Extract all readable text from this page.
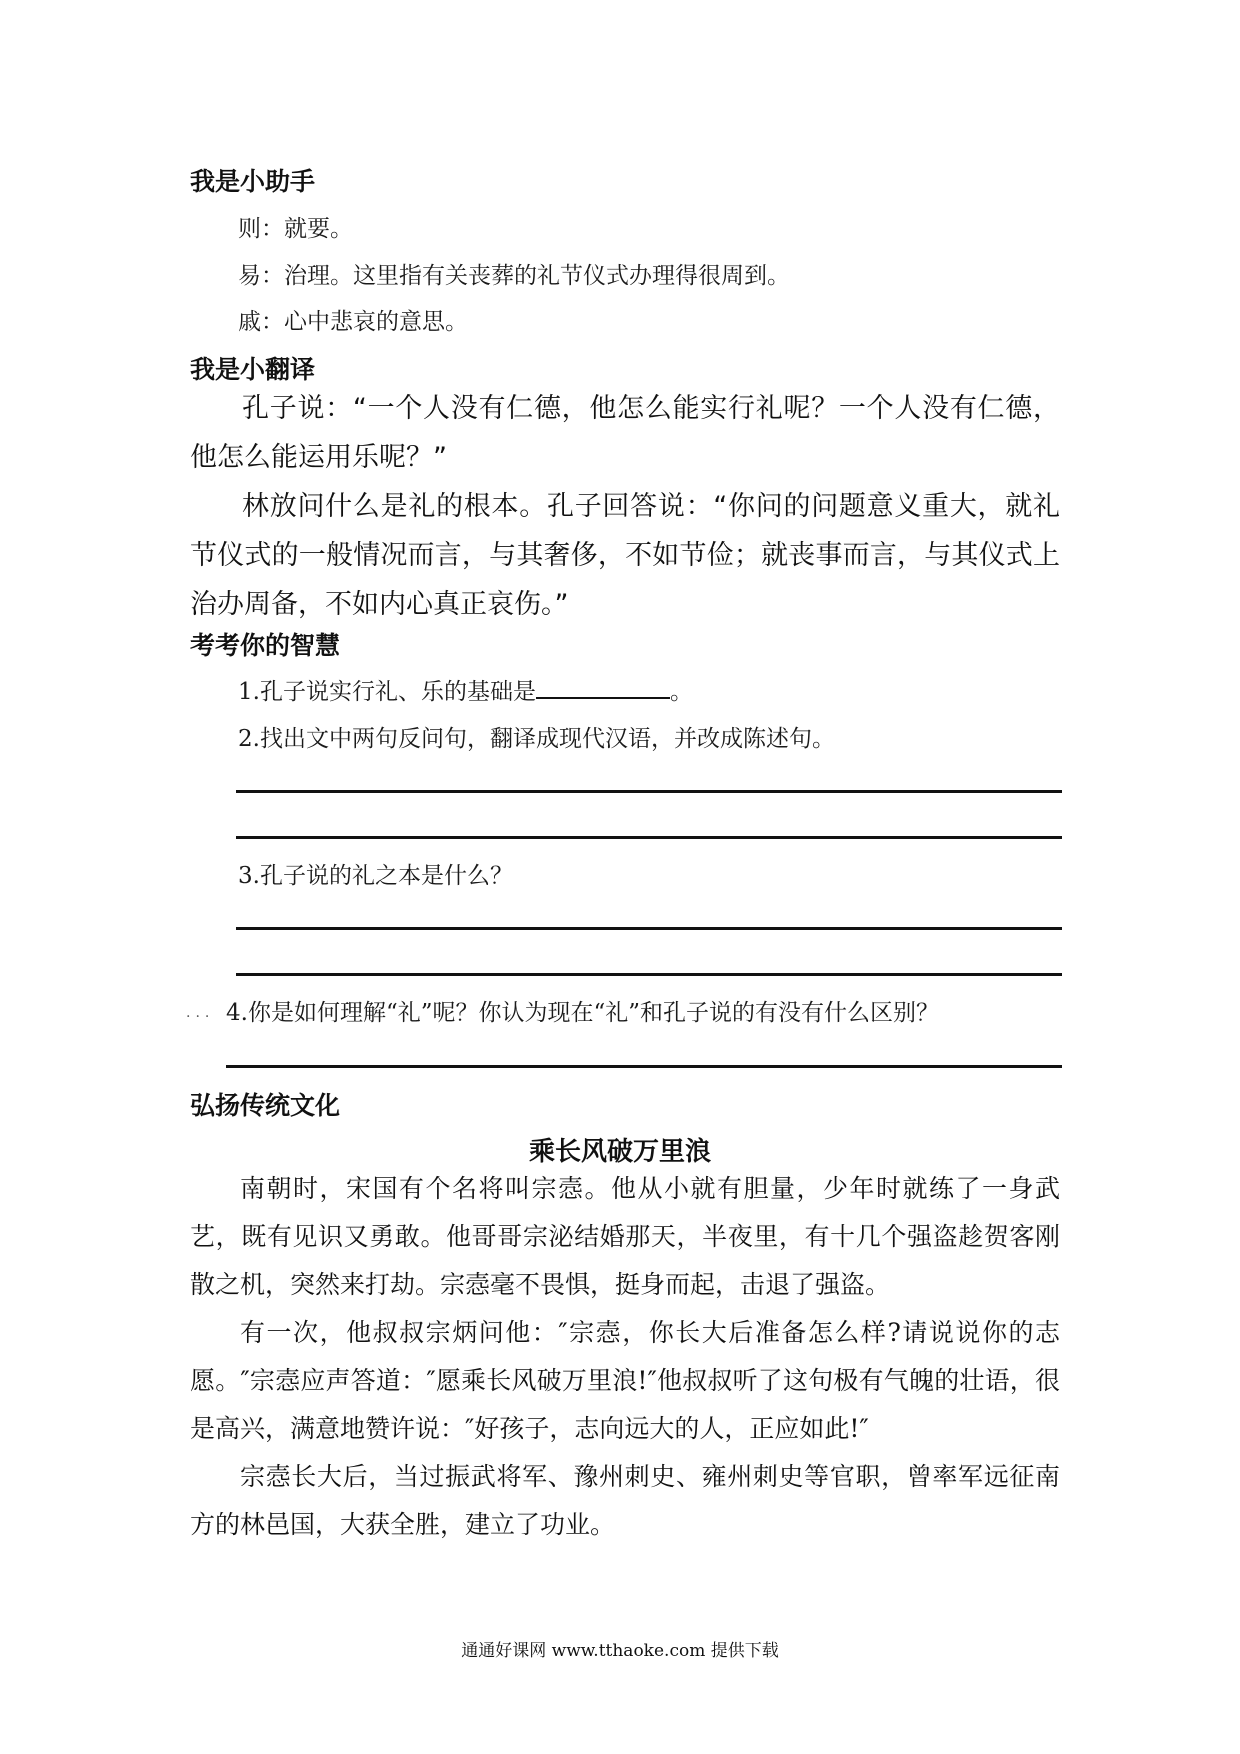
我是小助手
则：就要。
易：治理。这里指有关丧葬的礼节仪式办理得很周到。
戚：心中悲哀的意思。
我是小翻译
孔子说：“一个人没有仁德，他怎么能实行礼呢？一个人没有仁德，他怎么能运用乐呢？”
林放问什么是礼的根本。孔子回答说：“你问的问题意义重大，就礼节仪式的一般情况而言，与其奢侈，不如节俭；就丧事而言，与其仪式上治办周备，不如内心真正哀伤。”
考考你的智慧
1.孔子说实行礼、乐的基础是	。
2.找出文中两句反问句，翻译成现代汉语，并改成陈述句。
3.孔子说的礼之本是什么？
... 4.你是如何理解“礼”呢？你认为现在“礼”和孔子说的有没有什么区别？
弘扬传统文化
乘长风破万里浪
南朝时，宋国有个名将叫宗悫。他从小就有胆量，少年时就练了一身武艺，既有见识又勇敢。他哥哥宗泌结婚那天，半夜里，有十几个强盗趁贺客刚散之机，突然来打劫。宗悫毫不畏惧，挺身而起，击退了强盗。
有一次，他叔叔宗炳问他：″宗悫，你长大后准备怎么样?请说说你的志愿。″宗悫应声答道：″愿乘长风破万里浪!″他叔叔听了这句极有气魄的壮语，很是高兴，满意地赞许说：″好孩子，志向远大的人，正应如此!″
宗悫长大后，当过振武将军、豫州刺史、雍州刺史等官职，曾率军远征南方的林邑国，大获全胜，建立了功业。
通通好课网 www.tthaoke.com 提供下载
